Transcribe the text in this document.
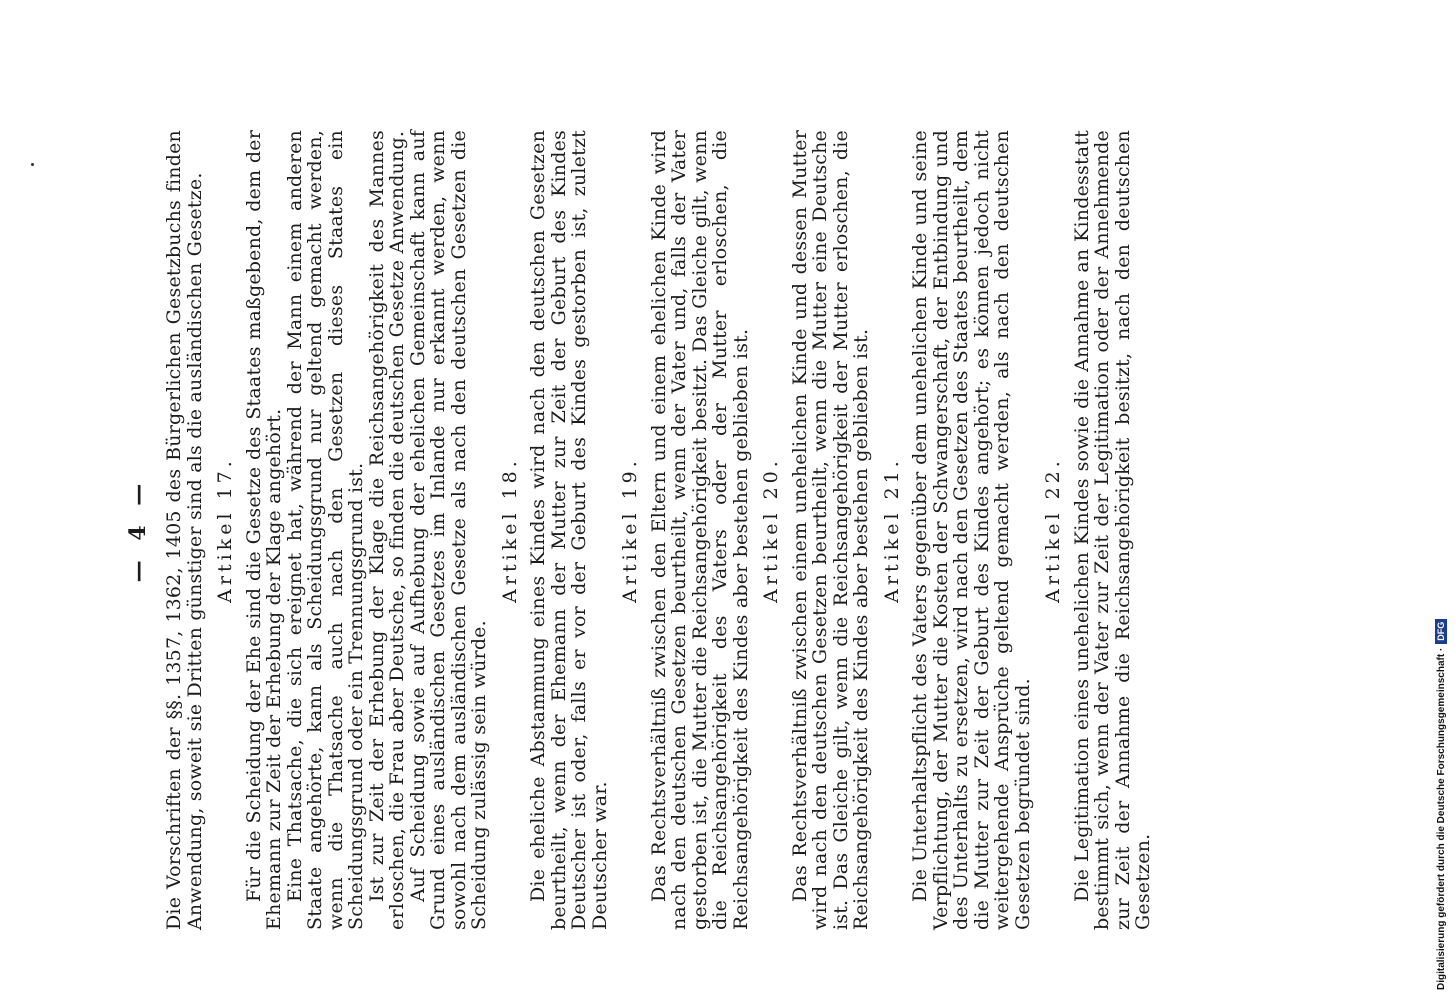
— 4 — Die Vorschriften der §§. 1357, 1362, 1405 des Bürgerlichen Gesetzbuchs finden Anwendung, soweit sie Dritten günstiger sind als die ausländischen Gesetze. Artikel 17. Für die Scheidung der Ehe sind die Gesetze des Staates maßgebend, dem der Ehemann zur Zeit der Erhebung der Klage angehört.

Eine Thatsache, die sich ereignet hat, während der Mann einem anderen Staate angehörte, kann als Scheidungsgrund nur geltend gemacht werden, wenn die Thatsache auch nach den Gesetzen dieses Staates ein Scheidungsgrund oder ein Trennungsgrund ist.

Ist zur Zeit der Erhebung der Klage die Reichsangehörigkeit des Mannes erloschen, die Frau aber Deutsche, so finden die deutschen Gesetze Anwendung.

Auf Scheidung sowie auf Aufhebung der ehelichen Gemeinschaft kann auf Grund eines ausländischen Gesetzes im Inlande nur erkannt werden, wenn sowohl nach dem ausländischen Gesetze als nach den deutschen Gesetzen die Scheidung zulässig sein würde.

Artikel 18. Die eheliche Abstammung eines Kindes wird nach den deutschen Gesetzen beurtheilt, wenn der Ehemann der Mutter zur Zeit der Geburt des Kindes Deutscher ist oder, falls er vor der Geburt des Kindes gestorben ist, zuletzt Deutscher war.

Artikel 19. Das Rechtsverhältniß zwischen den Eltern und einem ehelichen Kinde wird nach den deutschen Gesetzen beurtheilt, wenn der Vater und, falls der Vater gestorben ist, die Mutter die Reichsangehörigkeit besitzt. Das Gleiche gilt, wenn die Reichsangehörigkeit des Vaters oder der Mutter erloschen, die Reichsangehörigkeit des Kindes aber bestehen geblieben ist. Artikel 20. Das Rechtsverhältniß zwischen einem unehelichen Kinde und dessen Mutter wird nach den deutschen Gesetzen beurtheilt, wenn die Mutter eine Deutsche ist. Das Gleiche gilt, wenn die Reichsangehörigkeit der Mutter erloschen, die Reichsangehörigkeit des Kindes aber bestehen geblieben ist. Artikel 21. Die Unterhaltspflicht des Vaters gegenüber dem unehelichen Kinde und seine Verpflichtung, der Mutter die Kosten der Schwangerschaft, der Entbindung und des Unterhalts zu ersetzen, wird nach den Gesetzen des Staates beurtheilt, dem die Mutter zur Zeit der Geburt des Kindes angehört; es können jedoch nicht weitergehende Ansprüche geltend gemacht werden, als nach den deutschen Gesetzen begründet sind.

Artikel 22. Die Legitimation eines unehelichen Kindes sowie die Annahme an Kindesstatt bestimmt sich, wenn der Vater zur Zeit der Legitimation oder der Annehmende zur Zeit der Annahme die Reichsangehörigkeit besitzt, nach den deutschen Gesetzen.	Digitalisierung gefördert durch die Deutsche Forschungsgemeinschaft ·
DFG
